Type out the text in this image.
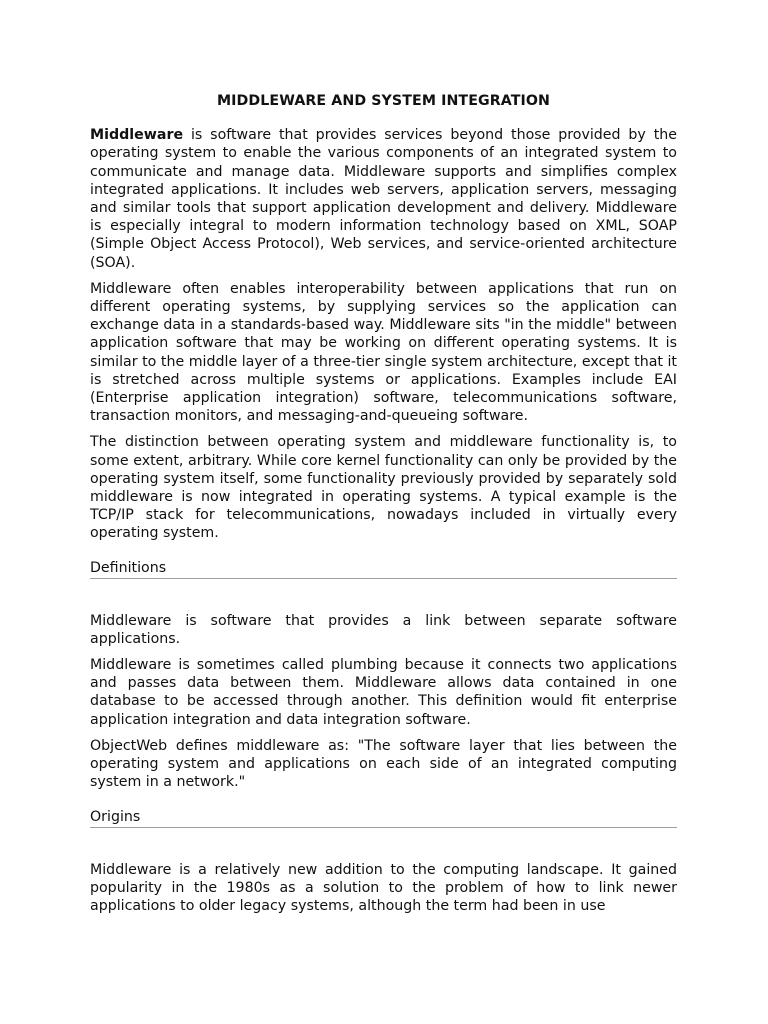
MIDDLEWARE AND SYSTEM INTEGRATION

Middleware is software that provides services beyond those provided by the operating system to enable the various components of an integrated system to communicate and manage data. Middleware supports and simplifies complex integrated applications. It includes web servers, application servers, messaging and similar tools that support application development and delivery. Middleware is especially integral to modern information technology based on XML, SOAP (Simple Object Access Protocol), Web services, and service-oriented architecture (SOA).

Middleware often enables interoperability between applications that run on different operating systems, by supplying services so the application can exchange data in a standards-based way. Middleware sits "in the middle" between application software that may be working on different operating systems. It is similar to the middle layer of a three-tier single system architecture, except that it is stretched across multiple systems or applications. Examples include EAI (Enterprise application integration) software, telecommunications software, transaction monitors, and messaging-and-queueing software.

The distinction between operating system and middleware functionality is, to some extent, arbitrary. While core kernel functionality can only be provided by the operating system itself, some functionality previously provided by separately sold middleware is now integrated in operating systems. A typical example is the TCP/IP stack for telecommunications, nowadays included in virtually every operating system.

Definitions

Middleware is software that provides a link between separate software applications.

Middleware is sometimes called plumbing because it connects two applications and passes data between them. Middleware allows data contained in one database to be accessed through another. This definition would fit enterprise application integration and data integration software.

ObjectWeb defines middleware as: "The software layer that lies between the operating system and applications on each side of an integrated computing system in a network."

Origins

Middleware is a relatively new addition to the computing landscape. It gained popularity in the 1980s as a solution to the problem of how to link newer applications to older legacy systems, although the term had been in use
